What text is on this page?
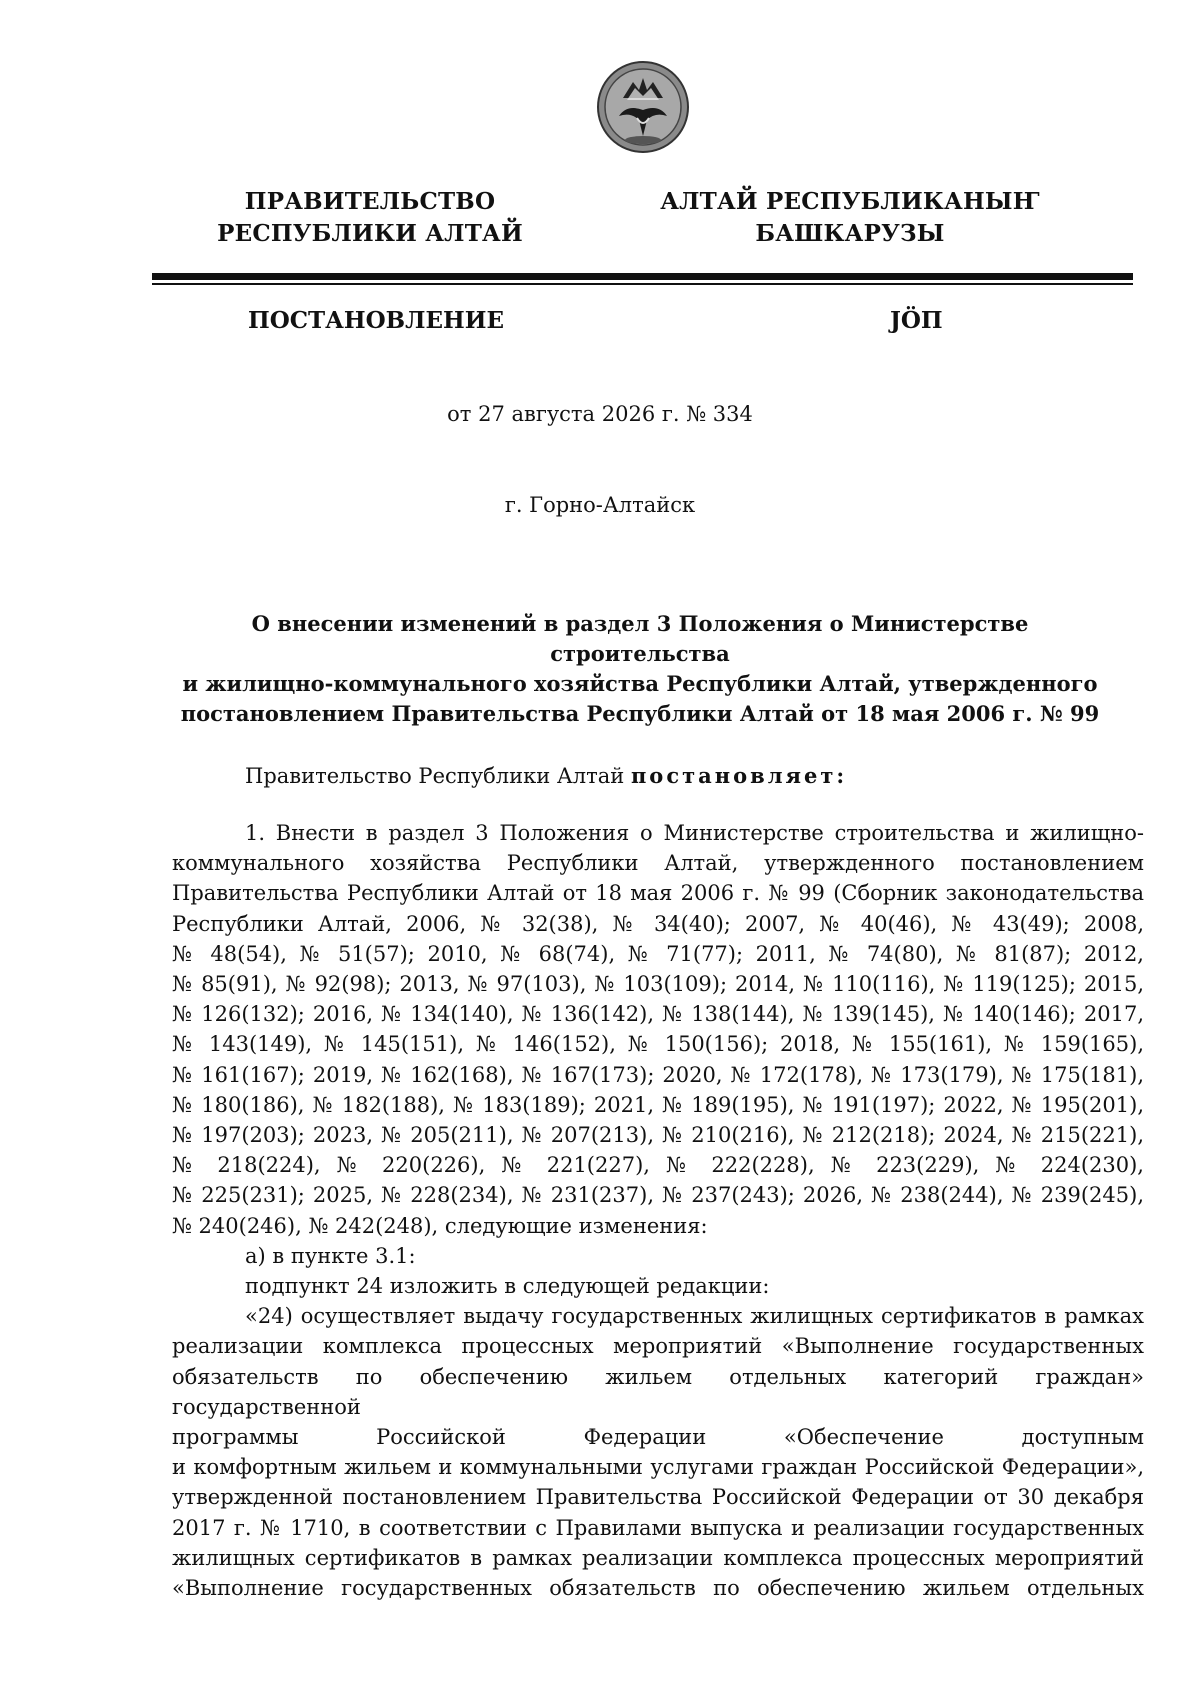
ПРАВИТЕЛЬСТВО
РЕСПУБЛИКИ АЛТАЙ
АЛТАЙ РЕСПУБЛИКАНЫҤ
БАШКАРУЗЫ
ПОСТАНОВЛЕНИЕ	ЈÖП
от 27 августа 2026 г. № 334
г. Горно-Алтайск
О внесении изменений в раздел 3 Положения о Министерстве строительства
и жилищно-коммунального хозяйства Республики Алтай, утвержденного
постановлением Правительства Республики Алтай от 18 мая 2006 г. № 99
Правительство Республики Алтай постановляет:
1. Внести в раздел 3 Положения о Министерстве строительства и жилищно-
коммунального хозяйства Республики Алтай, утвержденного постановлением
Правительства Республики Алтай от 18 мая 2006 г. № 99 (Сборник законодательства
Республики Алтай, 2006, № 32(38), № 34(40); 2007, № 40(46), № 43(49); 2008,
№ 48(54), № 51(57); 2010, № 68(74), № 71(77); 2011, № 74(80), № 81(87); 2012,
№ 85(91), № 92(98); 2013, № 97(103), № 103(109); 2014, № 110(116), № 119(125); 2015,
№ 126(132); 2016, № 134(140), № 136(142), № 138(144), № 139(145), № 140(146); 2017,
№ 143(149), № 145(151), № 146(152), № 150(156); 2018, № 155(161), № 159(165),
№ 161(167); 2019, № 162(168), № 167(173); 2020, № 172(178), № 173(179), № 175(181),
№ 180(186), № 182(188), № 183(189); 2021, № 189(195), № 191(197); 2022, № 195(201),
№ 197(203); 2023, № 205(211), № 207(213), № 210(216), № 212(218); 2024, № 215(221),
№ 218(224), № 220(226), № 221(227), № 222(228), № 223(229), № 224(230),
№ 225(231); 2025, № 228(234), № 231(237), № 237(243); 2026, № 238(244), № 239(245),
№ 240(246), № 242(248), следующие изменения:
а) в пункте 3.1:
подпункт 24 изложить в следующей редакции:
«24) осуществляет выдачу государственных жилищных сертификатов в рамках
реализации комплекса процессных мероприятий «Выполнение государственных
обязательств по обеспечению жильем отдельных категорий граждан» государственной
программы Российской Федерации «Обеспечение доступным
и комфортным жильем и коммунальными услугами граждан Российской Федерации»,
утвержденной постановлением Правительства Российской Федерации от 30 декабря
2017 г. № 1710, в соответствии с Правилами выпуска и реализации государственных
жилищных сертификатов в рамках реализации комплекса процессных мероприятий
«Выполнение государственных обязательств по обеспечению жильем отдельных
